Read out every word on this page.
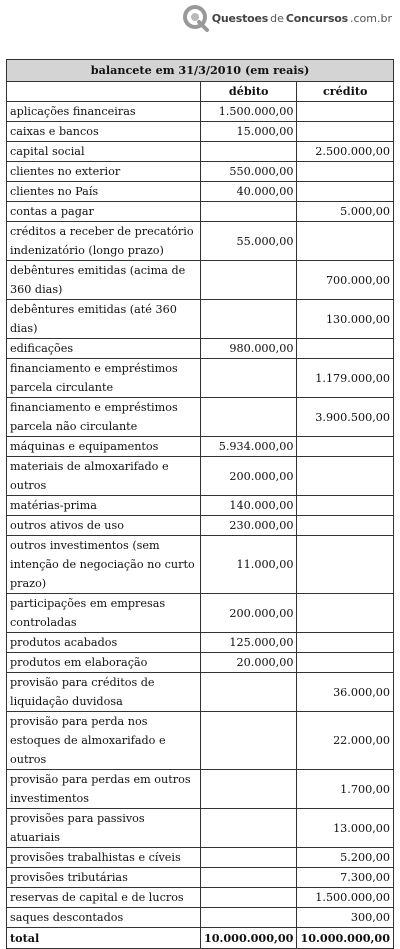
Questoes de Concursos .com.br
balancete em 31/3/2010 (em reais)		
	débito	crédito
aplicações financeiras	1.500.000,00	
caixas e bancos	15.000,00	
capital social		2.500.000,00
clientes no exterior	550.000,00	
clientes no País	40.000,00	
contas a pagar		5.000,00
créditos a receber de precatório indenizatório (longo prazo)	55.000,00	
debêntures emitidas (acima de 360 dias)		700.000,00
debêntures emitidas (até 360 dias)		130.000,00
edificações	980.000,00	
financiamento e empréstimos parcela circulante		1.179.000,00
financiamento e empréstimos parcela não circulante		3.900.500,00
máquinas e equipamentos	5.934.000,00	
materiais de almoxarifado e outros	200.000,00	
matérias-prima	140.000,00	
outros ativos de uso	230.000,00	
outros investimentos (sem intenção de negociação no curto prazo)	11.000,00	
participações em empresas controladas	200.000,00	
produtos acabados	125.000,00	
produtos em elaboração	20.000,00	
provisão para créditos de liquidação duvidosa		36.000,00
provisão para perda nos estoques de almoxarifado e outros		22.000,00
provisão para perdas em outros investimentos		1.700,00
provisões para passivos atuariais		13.000,00
provisões trabalhistas e cíveis		5.200,00
provisões tributárias		7.300,00
reservas de capital e de lucros		1.500.000,00
saques descontados		300,00
total	10.000.000,00	10.000.000,00
